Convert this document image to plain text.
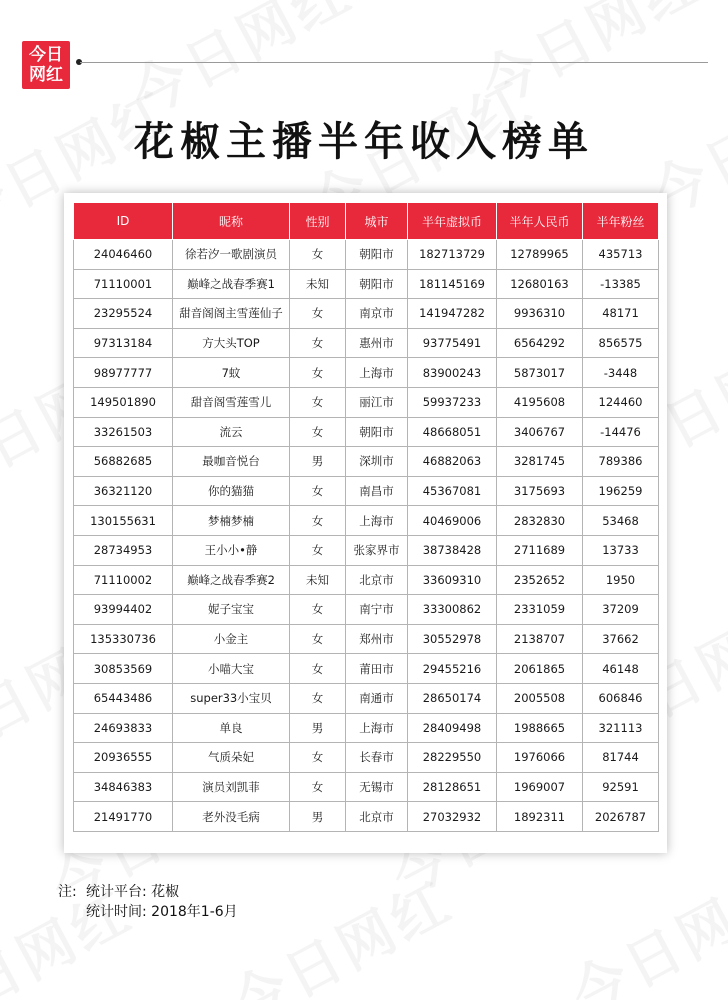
今日
网红
花椒主播半年收入榜单
ID	昵称	性别	城市	半年虚拟币	半年人民币	半年粉丝
24046460	徐若汐一歌剧演员	女	朝阳市	182713729	12789965	435713
71110001	巅峰之战春季赛1	未知	朝阳市	181145169	12680163	-13385
23295524	甜音阁阁主雪莲仙子	女	南京市	141947282	9936310	48171
97313184	方大头TOP	女	惠州市	93775491	6564292	856575
98977777	7蚊	女	上海市	83900243	5873017	-3448
149501890	甜音阁雪莲雪儿	女	丽江市	59937233	4195608	124460
33261503	流云	女	朝阳市	48668051	3406767	-14476
56882685	最咖音悦台	男	深圳市	46882063	3281745	789386
36321120	你的猫猫	女	南昌市	45367081	3175693	196259
130155631	梦楠梦楠	女	上海市	40469006	2832830	53468
28734953	王小小•静	女	张家界市	38738428	2711689	13733
71110002	巅峰之战春季赛2	未知	北京市	33609310	2352652	1950
93994402	妮子宝宝	女	南宁市	33300862	2331059	37209
135330736	小金主	女	郑州市	30552978	2138707	37662
30853569	小喵大宝	女	莆田市	29455216	2061865	46148
65443486	super33小宝贝	女	南通市	28650174	2005508	606846
24693833	单良	男	上海市	28409498	1988665	321113
20936555	气质朵妃	女	长春市	28229550	1976066	81744
34846383	演员刘凯菲	女	无锡市	28128651	1969007	92591
21491770	老外没毛病	男	北京市	27032932	1892311	2026787
注: 统计平台: 花椒
统计时间: 2018年1-6月
